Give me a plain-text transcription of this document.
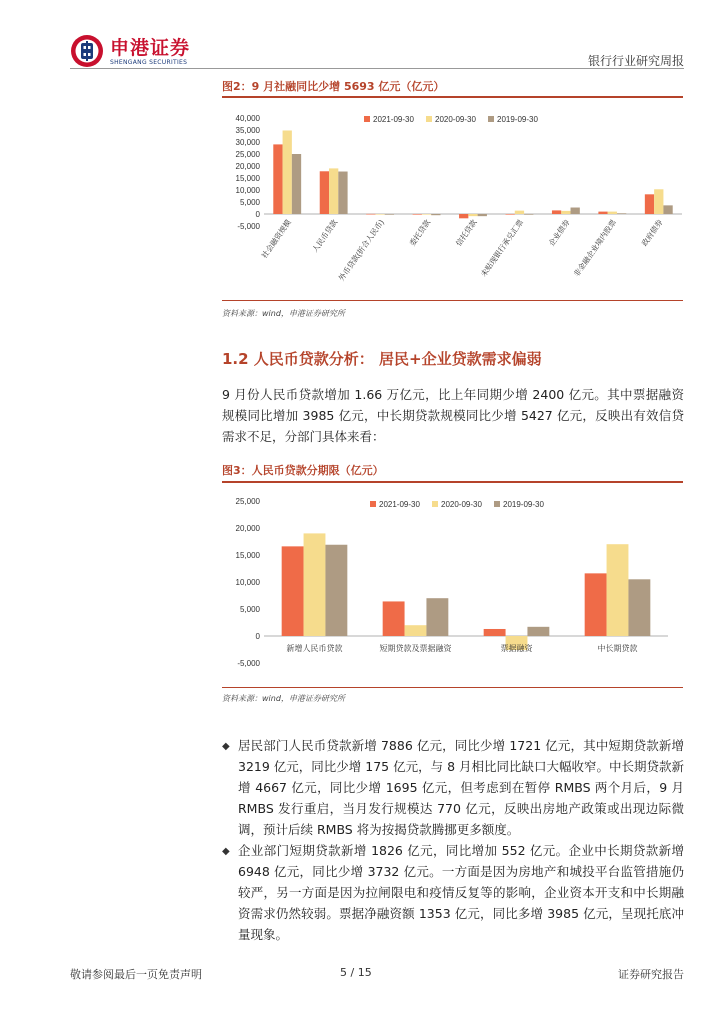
申港证券
SHENGANG SECURITIES	银行行业研究周报
图2：9 月社融同比少增 5693 亿元（亿元）
40,000
35,000
30,000
25,000
20,000
15,000
10,000
5,000
0
-5,000
2021-09-30	2020-09-30	2019-09-30
社会融资规模 人民币贷款
外币贷款(折合人民币)	委托贷款	信托贷款 未贴现银行承兑汇票	企业债券 非金融企业境内股票	政府债券
资料来源：wind，申港证券研究所
1.2 人民币贷款分析： 居民+企业贷款需求偏弱
9 月份人民币贷款增加 1.66 万亿元，比上年同期少增 2400 亿元。其中票据融资规模同比增加 3985 亿元，中长期贷款规模同比少增 5427 亿元，反映出有效信贷需求不足，分部门具体来看：
图3：人民币贷款分期限（亿元）
25,000
20,000
15,000
10,000
5,000
0
-5,000
2021-09-30	2020-09-30	2019-09-30
新增人民币贷款	短期贷款及票据融资	票据融资	中长期贷款
资料来源：wind，申港证券研究所
◆ 居民部门人民币贷款新增 7886 亿元，同比少增 1721 亿元，其中短期贷款新增 3219 亿元，同比少增 175 亿元，与 8 月相比同比缺口大幅收窄。中长期贷款新增 4667 亿元，同比少增 1695 亿元，但考虑到在暂停 RMBS 两个月后，9 月 RMBS 发行重启，当月发行规模达 770 亿元，反映出房地产政策或出现边际微调，预计后续 RMBS 将为按揭贷款腾挪更多额度。
◆ 企业部门短期贷款新增 1826 亿元，同比增加 552 亿元。企业中长期贷款新增 6948 亿元，同比少增 3732 亿元。一方面是因为房地产和城投平台监管措施仍较严，另一方面是因为拉闸限电和疫情反复等的影响，企业资本开支和中长期融资需求仍然较弱。票据净融资额 1353 亿元，同比多增 3985 亿元，呈现托底冲量现象。
敬请参阅最后一页免责声明	5 / 15	证券研究报告
